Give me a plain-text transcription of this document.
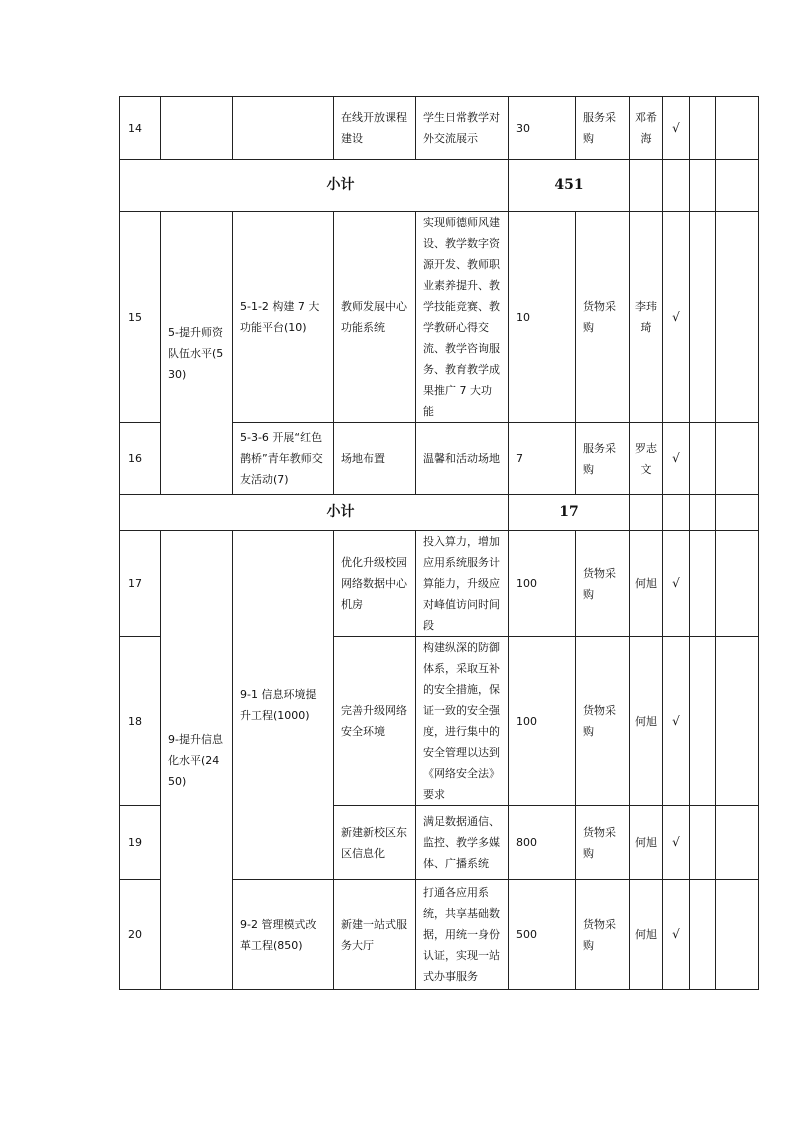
14			在线开放课程建设	学生日常教学对外交流展示	30	服务采购	邓希海	√		
小计					451					
15	5-提升师资队伍水平(530)	5-1-2 构建 7 大功能平台(10)	教师发展中心功能系统	实现师德师风建设、教学数字资源开发、教师职业素养提升、教学技能竞赛、教学教研心得交流、教学咨询服务、教育教学成果推广 7 大功能	10	货物采购	李玮琦	√		
16		5-3-6 开展“红色鹊桥”青年教师交友活动(7)	场地布置	温馨和活动场地	7	服务采购	罗志文	√		
小计					17					
17	9-提升信息化水平(2450)	9-1 信息环境提升工程(1000)	优化升级校园网络数据中心机房	投入算力，增加应用系统服务计算能力，升级应对峰值访问时间段	100	货物采购	何旭	√		
18			完善升级网络安全环境	构建纵深的防御体系，采取互补的安全措施，保证一致的安全强度，进行集中的安全管理以达到《网络安全法》要求	100	货物采购	何旭	√		
19			新建新校区东区信息化	满足数据通信、监控、教学多媒体、广播系统	800	货物采购	何旭	√		
20		9-2 管理模式改革工程(850)	新建一站式服务大厅	打通各应用系统，共享基础数据，用统一身份认证，实现一站式办事服务	500	货物采购	何旭	√		
